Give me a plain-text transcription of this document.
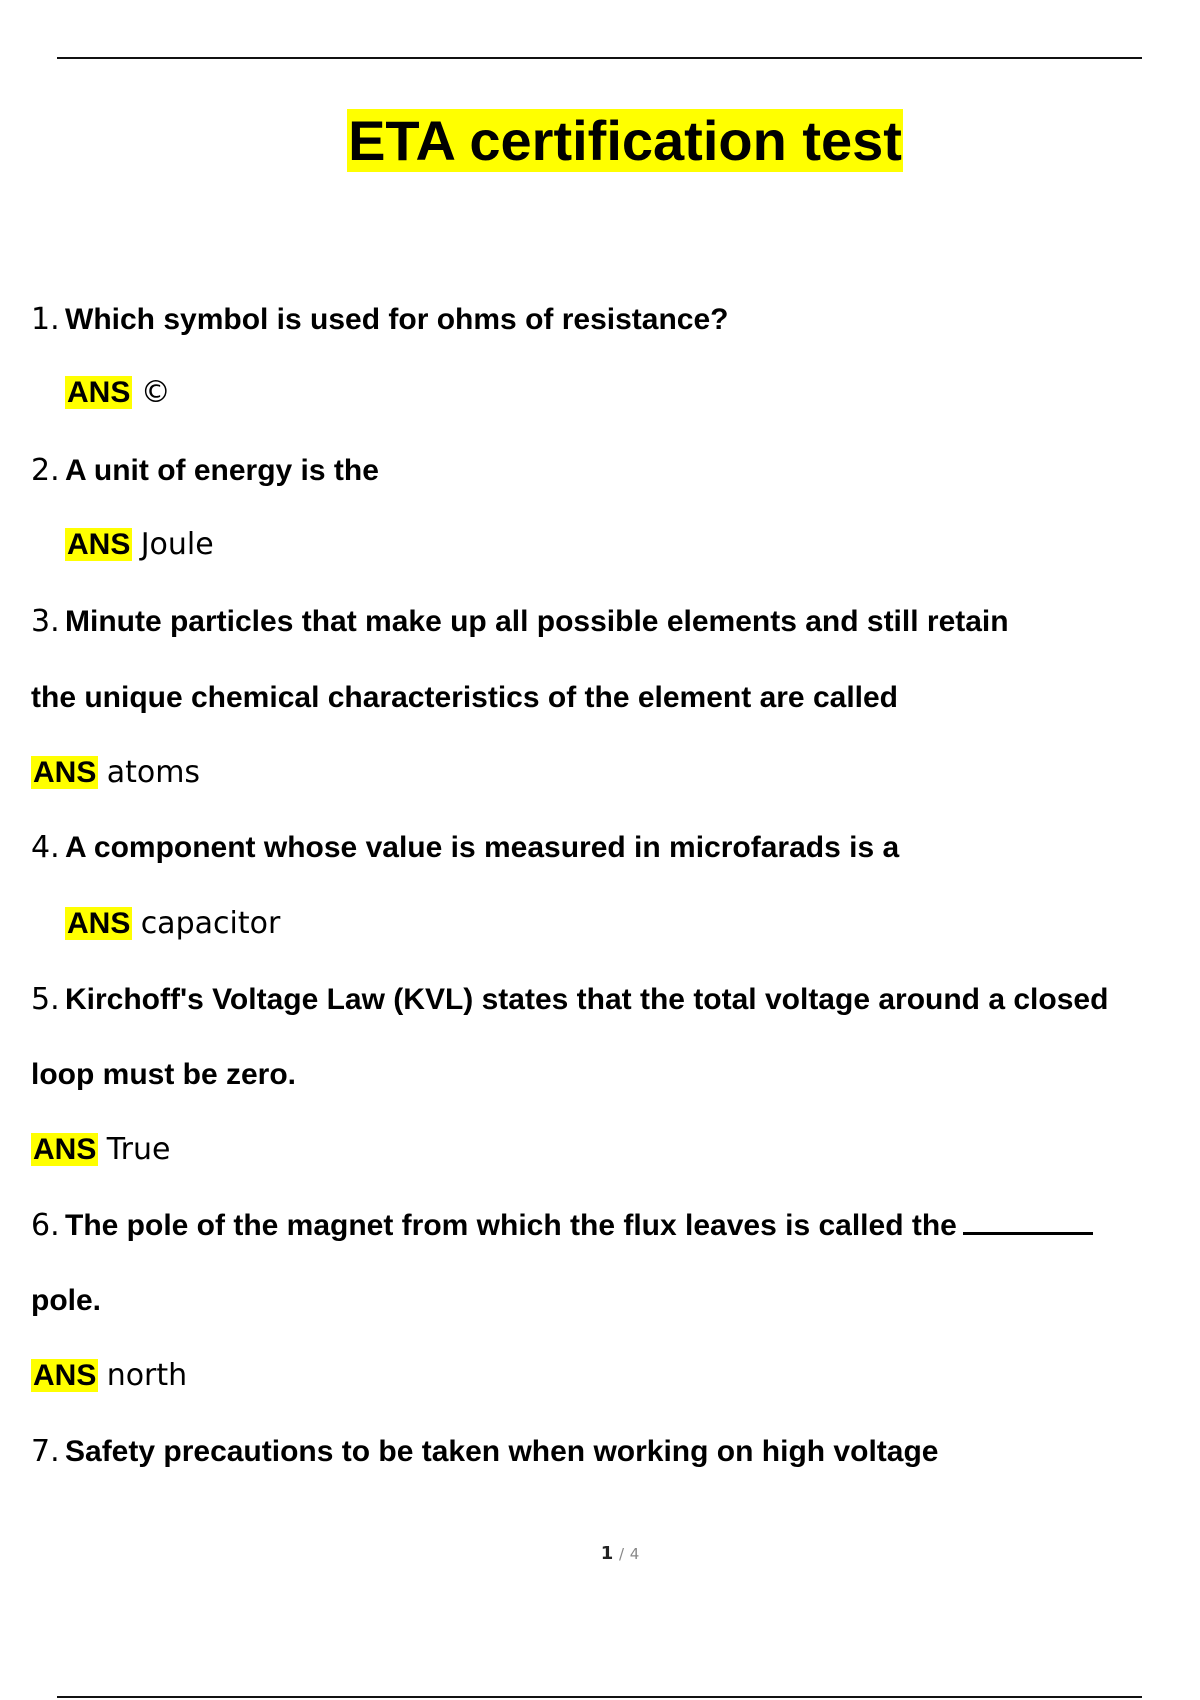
ETA certification test
1. Which symbol is used for ohms of resistance?
ANS ©
2. A unit of energy is the
ANS Joule
3. Minute particles that make up all possible elements and still retain
the unique chemical characteristics of the element are called
ANS atoms
4. A component whose value is measured in microfarads is a
ANS capacitor
5. Kirchoff's Voltage Law (KVL) states that the total voltage around a closed
loop must be zero.
ANS True
6. The pole of the magnet from which the flux leaves is called the
pole.
ANS north
7. Safety precautions to be taken when working on high voltage
1 / 4
